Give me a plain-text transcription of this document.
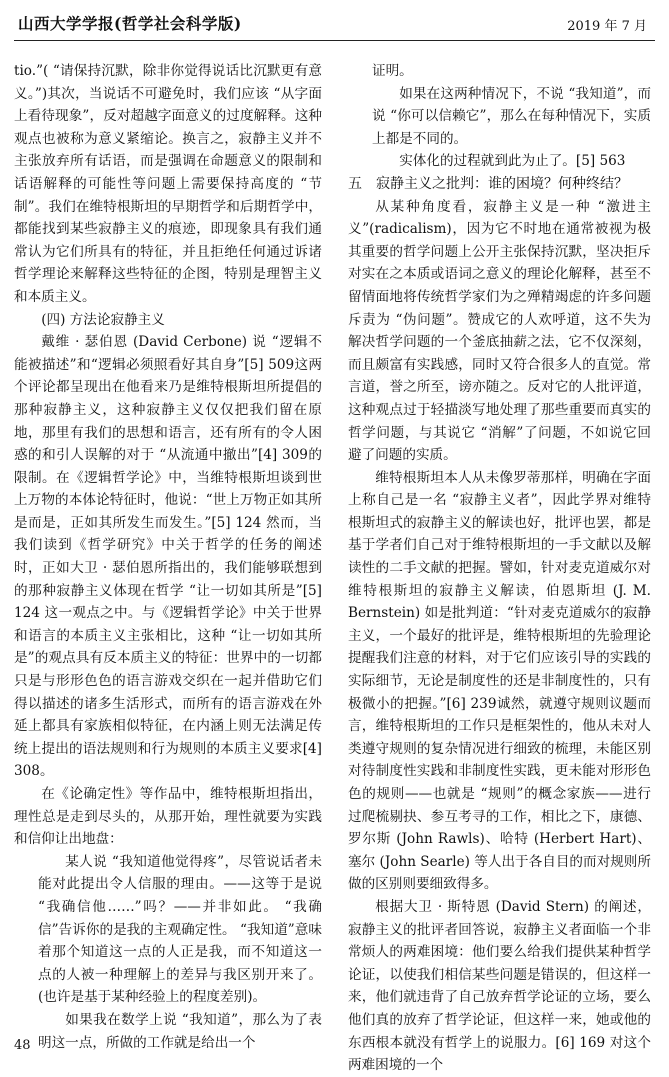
山西大学学报(哲学社会科学版)	2019 年 7 月

tio.”( “请保持沉默，除非你觉得说话比沉默更有意义。”)其次，当说话不可避免时，我们应该 “从字面上看待现象”，反对超越字面意义的过度解释。这种观点也被称为意义紧缩论。换言之，寂静主义并不主张放弃所有话语，而是强调在命题意义的限制和话语解释的可能性等问题上需要保持高度的 “节制”。我们在维特根斯坦的早期哲学和后期哲学中，都能找到某些寂静主义的痕迹，即现象具有我们通常认为它们所具有的特征，并且拒绝任何通过诉诸哲学理论来解释这些特征的企图，特别是理智主义和本质主义。

(四) 方法论寂静主义

戴维 · 瑟伯恩 (David Cerbone) 说 “逻辑不能被描述”和“逻辑必须照看好其自身”[5] 509这两个评论都呈现出在他看来乃是维特根斯坦所提倡的那种寂静主义，这种寂静主义仅仅把我们留在原地，那里有我们的思想和语言，还有所有的令人困惑的和引人误解的对于 “从流通中撤出”[4] 309的限制。在《逻辑哲学论》中，当维特根斯坦谈到世上万物的本体论特征时，他说：“世上万物正如其所是而是，正如其所发生而发生。”[5] 124 然而，当我们读到《哲学研究》中关于哲学的任务的阐述时，正如大卫 · 瑟伯恩所指出的，我们能够联想到的那种寂静主义体现在哲学 “让一切如其所是”[5] 124 这一观点之中。与《逻辑哲学论》中关于世界和语言的本质主义主张相比，这种 “让一切如其所是”的观点具有反本质主义的特征：世界中的一切都只是与形形色色的语言游戏交织在一起并借助它们得以描述的诸多生活形式，而所有的语言游戏在外延上都具有家族相似特征，在内涵上则无法满足传统上提出的语法规则和行为规则的本质主义要求[4] 308。

在《论确定性》等作品中，维特根斯坦指出，理性总是走到尽头的，从那开始，理性就要为实践和信仰让出地盘：

某人说 “我知道他觉得疼”，尽管说话者未能对此提出令人信服的理由。——这等于是说 “我确信他……”吗？——并非如此。 “我确信”告诉你的是我的主观确定性。 “我知道”意味着那个知道这一点的人正是我，而不知道这一点的人被一种理解上的差异与我区别开来了。(也许是基于某种经验上的程度差别)。

如果我在数学上说 “我知道”，那么为了表明这一点，所做的工作就是给出一个

证明。

如果在这两种情况下，不说 “我知道”，而说 “你可以信赖它”，那么在每种情况下，实质上都是不同的。

实体化的过程就到此为止了。[5] 563

五　寂静主义之批判：谁的困境？何种终结？

从某种角度看，寂静主义是一种 “激进主义”(radicalism)，因为它不时地在通常被视为极其重要的哲学问题上公开主张保持沉默，坚决拒斥对实在之本质或语词之意义的理论化解释，甚至不留情面地将传统哲学家们为之殚精竭虑的许多问题斥责为 “伪问题”。赞成它的人欢呼道，这不失为解决哲学问题的一个釜底抽薪之法，它不仅深刻，而且颇富有实践感，同时又符合很多人的直觉。常言道，誉之所至，谤亦随之。反对它的人批评道，这种观点过于轻描淡写地处理了那些重要而真实的哲学问题，与其说它 “消解”了问题，不如说它回避了问题的实质。

维特根斯坦本人从未像罗蒂那样，明确在字面上称自己是一名 “寂静主义者”，因此学界对维特根斯坦式的寂静主义的解读也好，批评也罢，都是基于学者们自己对于维特根斯坦的一手文献以及解读性的二手文献的把握。譬如，针对麦克道威尔对维特根斯坦的寂静主义解读，伯恩斯坦 (J. M. Bernstein) 如是批判道：“针对麦克道威尔的寂静主义，一个最好的批评是，维特根斯坦的先验理论提醒我们注意的材料，对于它们应该引导的实践的实际细节，无论是制度性的还是非制度性的，只有极微小的把握。”[6] 239诚然，就遵守规则议题而言，维特根斯坦的工作只是框架性的，他从未对人类遵守规则的复杂情况进行细致的梳理，未能区别对待制度性实践和非制度性实践，更未能对形形色色的规则——也就是 “规则”的概念家族——进行过爬梳剔抉、参互考寻的工作，相比之下，康德、罗尔斯 (John Rawls)、哈特 (Herbert Hart)、塞尔 (John Searle) 等人出于各自目的而对规则所做的区别则要细致得多。

根据大卫 · 斯特恩 (David Stern) 的阐述，寂静主义的批评者回答说，寂静主义者面临一个非常烦人的两难困境：他们要么给我们提供某种哲学论证，以使我们相信某些问题是错误的，但这样一来，他们就违背了自己放弃哲学论证的立场，要么他们真的放弃了哲学论证，但这样一来，她或他的东西根本就没有哲学上的说服力。[6] 169 对这个两难困境的一个

48
